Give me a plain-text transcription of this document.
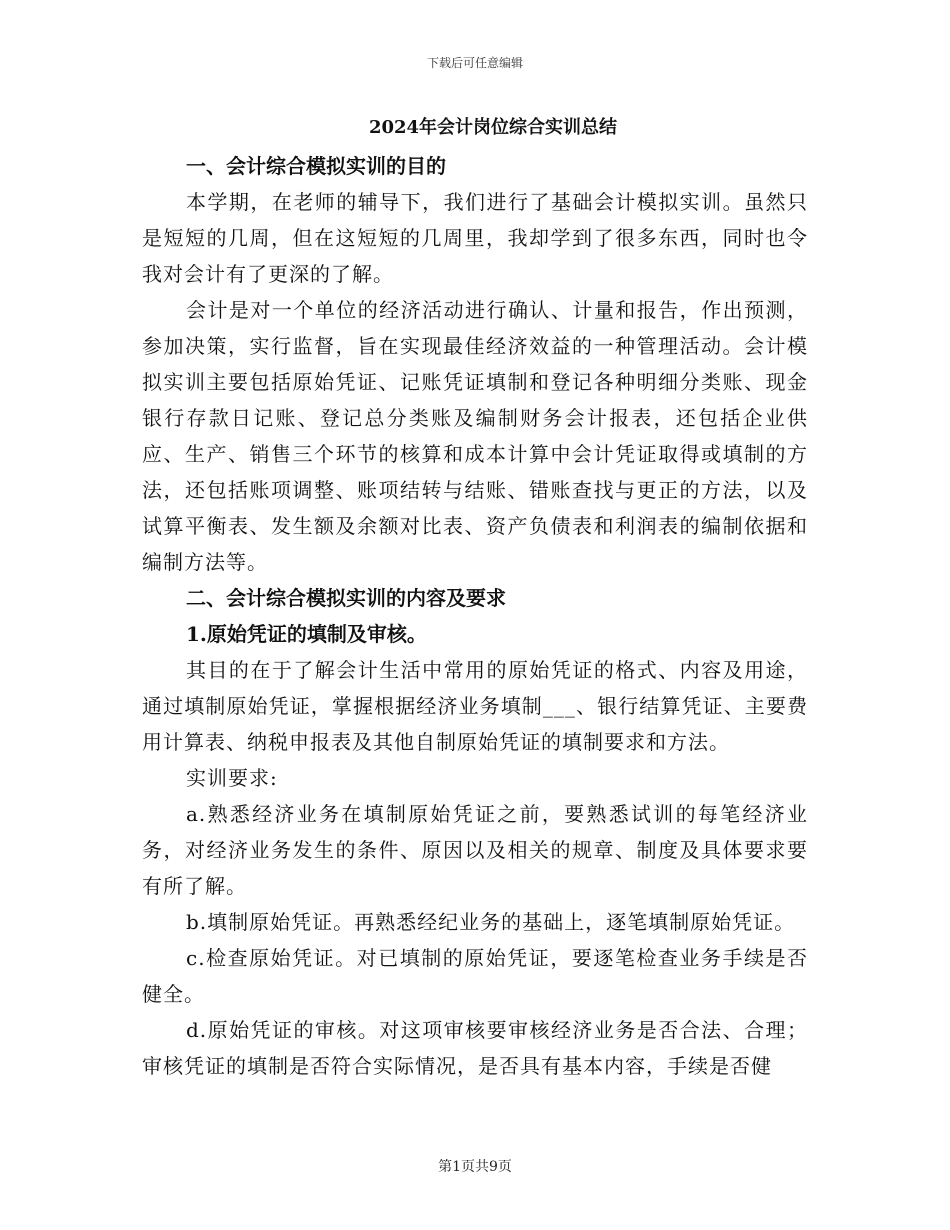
下载后可任意编辑
2024年会计岗位综合实训总结
一、会计综合模拟实训的目的

本学期，在老师的辅导下，我们进行了基础会计模拟实训。虽然只是短短的几周，但在这短短的几周里，我却学到了很多东西，同时也令我对会计有了更深的了解。

会计是对一个单位的经济活动进行确认、计量和报告，作出预测，参加决策，实行监督，旨在实现最佳经济效益的一种管理活动。会计模拟实训主要包括原始凭证、记账凭证填制和登记各种明细分类账、现金银行存款日记账、登记总分类账及编制财务会计报表，还包括企业供应、生产、销售三个环节的核算和成本计算中会计凭证取得或填制的方法，还包括账项调整、账项结转与结账、错账查找与更正的方法，以及试算平衡表、发生额及余额对比表、资产负债表和利润表的编制依据和编制方法等。

二、会计综合模拟实训的内容及要求
1.原始凭证的填制及审核。

其目的在于了解会计生活中常用的原始凭证的格式、内容及用途，通过填制原始凭证，掌握根据经济业务填制___、银行结算凭证、主要费用计算表、纳税申报表及其他自制原始凭证的填制要求和方法。

实训要求:

a.熟悉经济业务在填制原始凭证之前，要熟悉试训的每笔经济业务，对经济业务发生的条件、原因以及相关的规章、制度及具体要求要有所了解。

b.填制原始凭证。再熟悉经纪业务的基础上，逐笔填制原始凭证。

c.检查原始凭证。对已填制的原始凭证，要逐笔检查业务手续是否健全。

d.原始凭证的审核。对这项审核要审核经济业务是否合法、合理；审核凭证的填制是否符合实际情况，是否具有基本内容，手续是否健

第1页共9页
